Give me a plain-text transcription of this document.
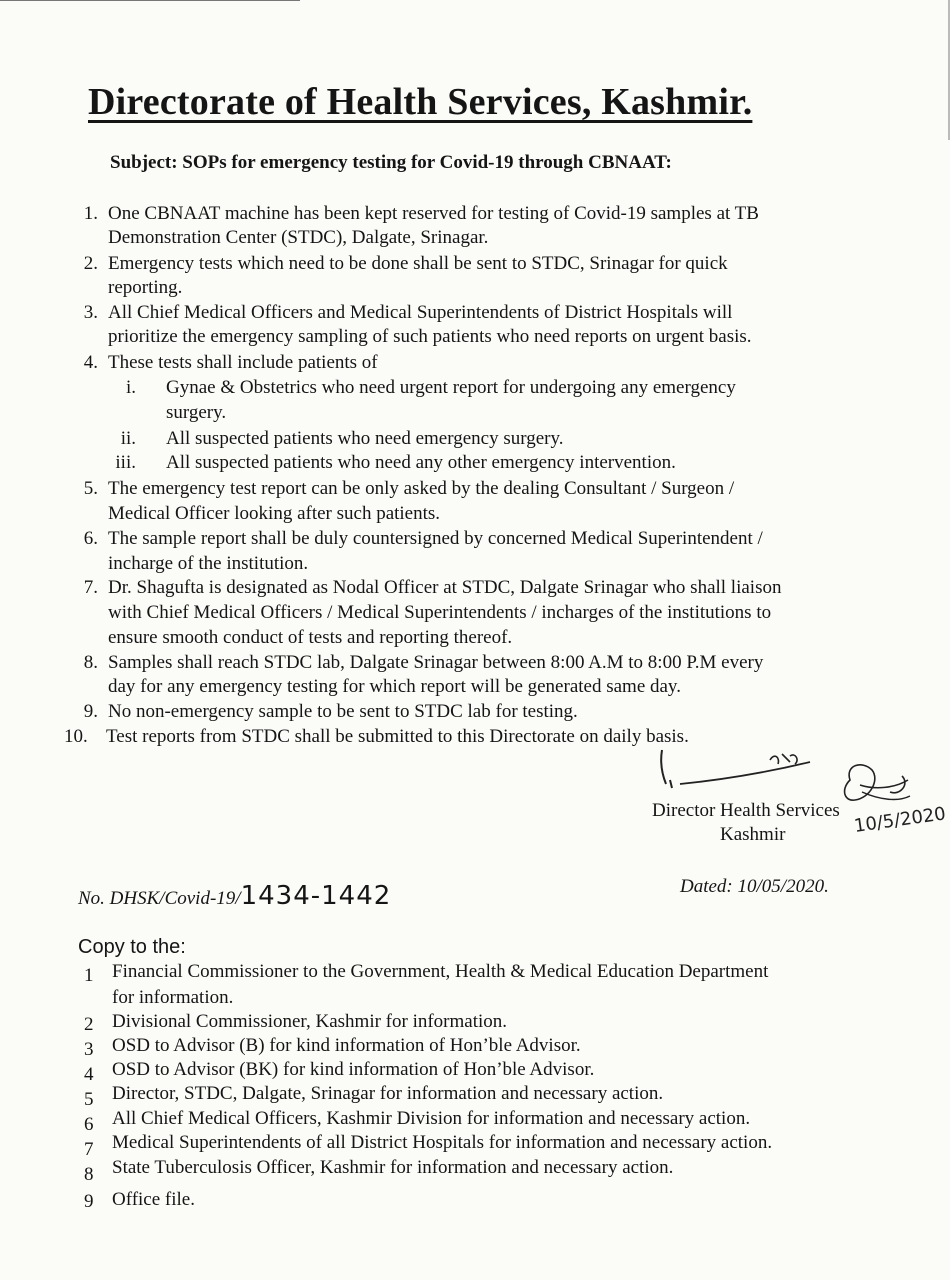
Directorate of Health Services, Kashmir.
Subject: SOPs for emergency testing for Covid-19 through CBNAAT:
1. One CBNAAT machine has been kept reserved for testing of Covid-19 samples at TB
Demonstration Center (STDC), Dalgate, Srinagar.
2. Emergency tests which need to be done shall be sent to STDC, Srinagar for quick
reporting.
3. All Chief Medical Officers and Medical Superintendents of District Hospitals will
prioritize the emergency sampling of such patients who need reports on urgent basis.
4. These tests shall include patients of
i. Gynae & Obstetrics who need urgent report for undergoing any emergency
surgery.
ii. All suspected patients who need emergency surgery.
iii. All suspected patients who need any other emergency intervention.
5. The emergency test report can be only asked by the dealing Consultant / Surgeon /
Medical Officer looking after such patients.
6. The sample report shall be duly countersigned by concerned Medical Superintendent /
incharge of the institution.
7. Dr. Shagufta is designated as Nodal Officer at STDC, Dalgate Srinagar who shall liaison
with Chief Medical Officers / Medical Superintendents / incharges of the institutions to
ensure smooth conduct of tests and reporting thereof.
8. Samples shall reach STDC lab, Dalgate Srinagar between 8:00 A.M to 8:00 P.M every
day for any emergency testing for which report will be generated same day.
9. No non-emergency sample to be sent to STDC lab for testing.
10. Test reports from STDC shall be submitted to this Directorate on daily basis.
10/5/2020
Director Health Services
Kashmir
No. DHSK/Covid-19/1434-1442	Dated: 10/05/2020.
Copy to the:
1 Financial Commissioner to the Government, Health & Medical Education Department
for information.
2 Divisional Commissioner, Kashmir for information.
3 OSD to Advisor (B) for kind information of Hon’ble Advisor.
4 OSD to Advisor (BK) for kind information of Hon’ble Advisor.
5 Director, STDC, Dalgate, Srinagar for information and necessary action.
6 All Chief Medical Officers, Kashmir Division for information and necessary action.
7 Medical Superintendents of all District Hospitals for information and necessary action.
8 State Tuberculosis Officer, Kashmir for information and necessary action.
9 Office file.
